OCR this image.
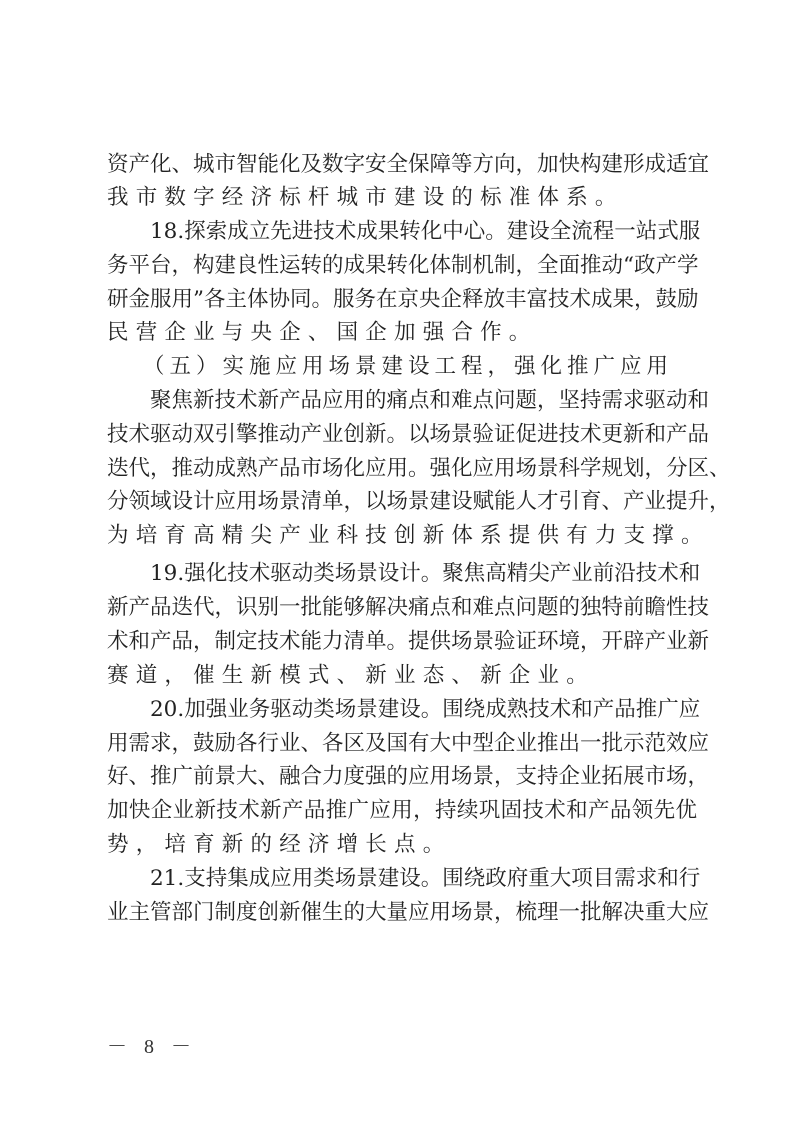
资产化、城市智能化及数字安全保障等方向，加快构建形成适宜
我市数字经济标杆城市建设的标准体系。
18.探索成立先进技术成果转化中心。建设全流程一站式服
务平台，构建良性运转的成果转化体制机制，全面推动“政产学
研金服用”各主体协同。服务在京央企释放丰富技术成果，鼓励
民营企业与央企、国企加强合作。
（五）实施应用场景建设工程，强化推广应用
聚焦新技术新产品应用的痛点和难点问题，坚持需求驱动和
技术驱动双引擎推动产业创新。以场景验证促进技术更新和产品
迭代，推动成熟产品市场化应用。强化应用场景科学规划，分区、
分领域设计应用场景清单，以场景建设赋能人才引育、产业提升，
为培育高精尖产业科技创新体系提供有力支撑。
19.强化技术驱动类场景设计。聚焦高精尖产业前沿技术和
新产品迭代，识别一批能够解决痛点和难点问题的独特前瞻性技
术和产品，制定技术能力清单。提供场景验证环境，开辟产业新
赛道，催生新模式、新业态、新企业。
20.加强业务驱动类场景建设。围绕成熟技术和产品推广应
用需求，鼓励各行业、各区及国有大中型企业推出一批示范效应
好、推广前景大、融合力度强的应用场景，支持企业拓展市场，
加快企业新技术新产品推广应用，持续巩固技术和产品领先优
势，培育新的经济增长点。
21.支持集成应用类场景建设。围绕政府重大项目需求和行
业主管部门制度创新催生的大量应用场景，梳理一批解决重大应
－ 8 －
